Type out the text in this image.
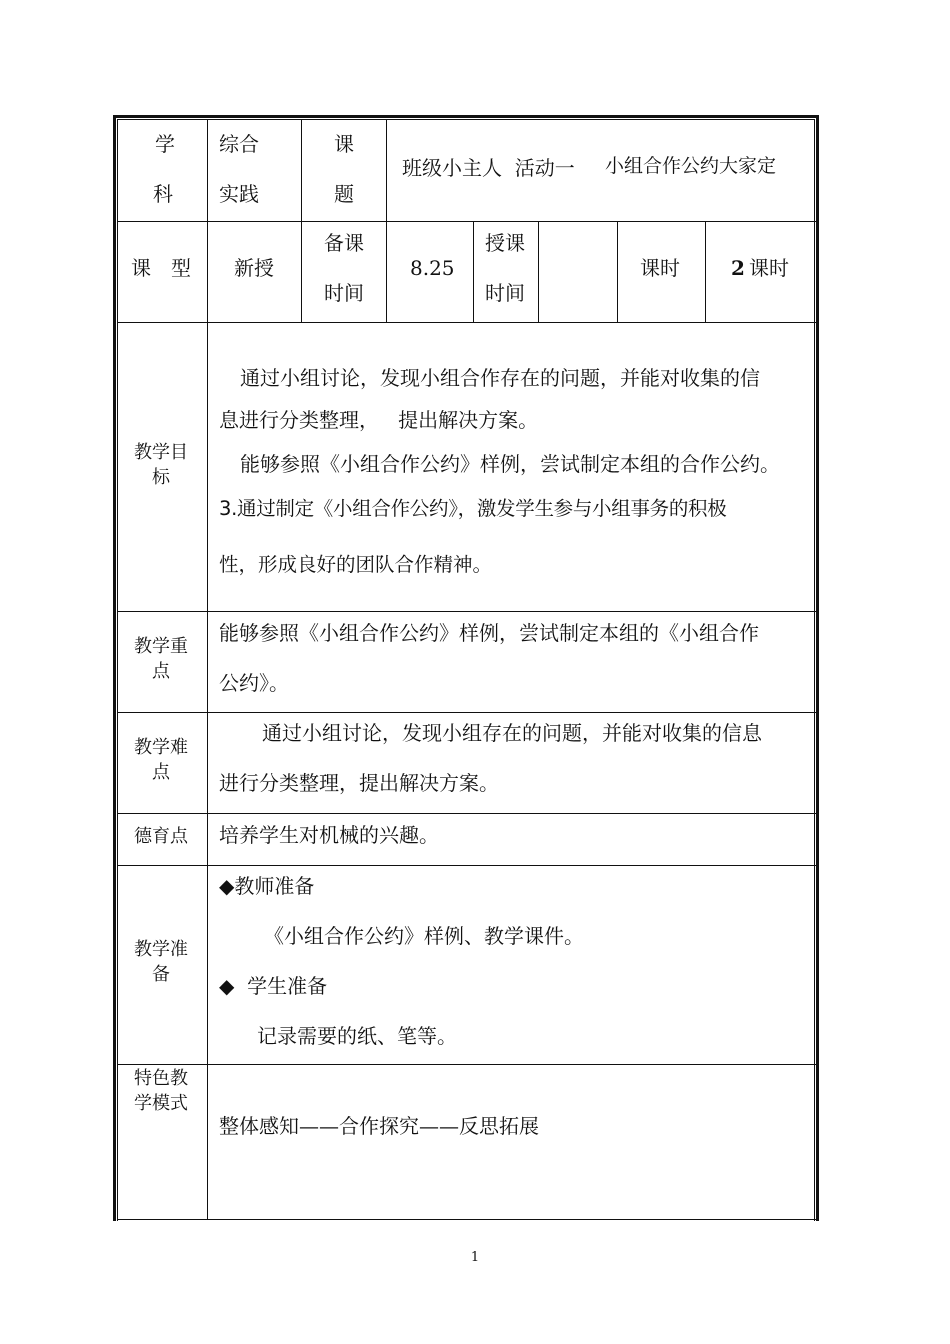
学
科
综合
实践
课
题
班级小主人  活动一 小组合作公约大家定
课　型 新授
备课
时间
8.25
授课
时间
课时	2 课时
教学目
标
通过小组讨论，发现小组合作存在的问题，并能对收集的信
息进行分类整理，   提出解决方案。
能够参照《小组合作公约》样例，尝试制定本组的合作公约。
3.通过制定《小组合作公约》，激发学生参与小组事务的积极
性，形成良好的团队合作精神。
教学重
点
能够参照《小组合作公约》样例，尝试制定本组的《小组合作
公约》。
教学难
点
通过小组讨论，发现小组存在的问题，并能对收集的信息
进行分类整理，提出解决方案。
德育点 培养学生对机械的兴趣。
教学准
备
◆教师准备
《小组合作公约》样例、教学课件。
◆  学生准备
记录需要的纸、笔等。
特色教
学模式
整体感知——合作探究——反思拓展
1
